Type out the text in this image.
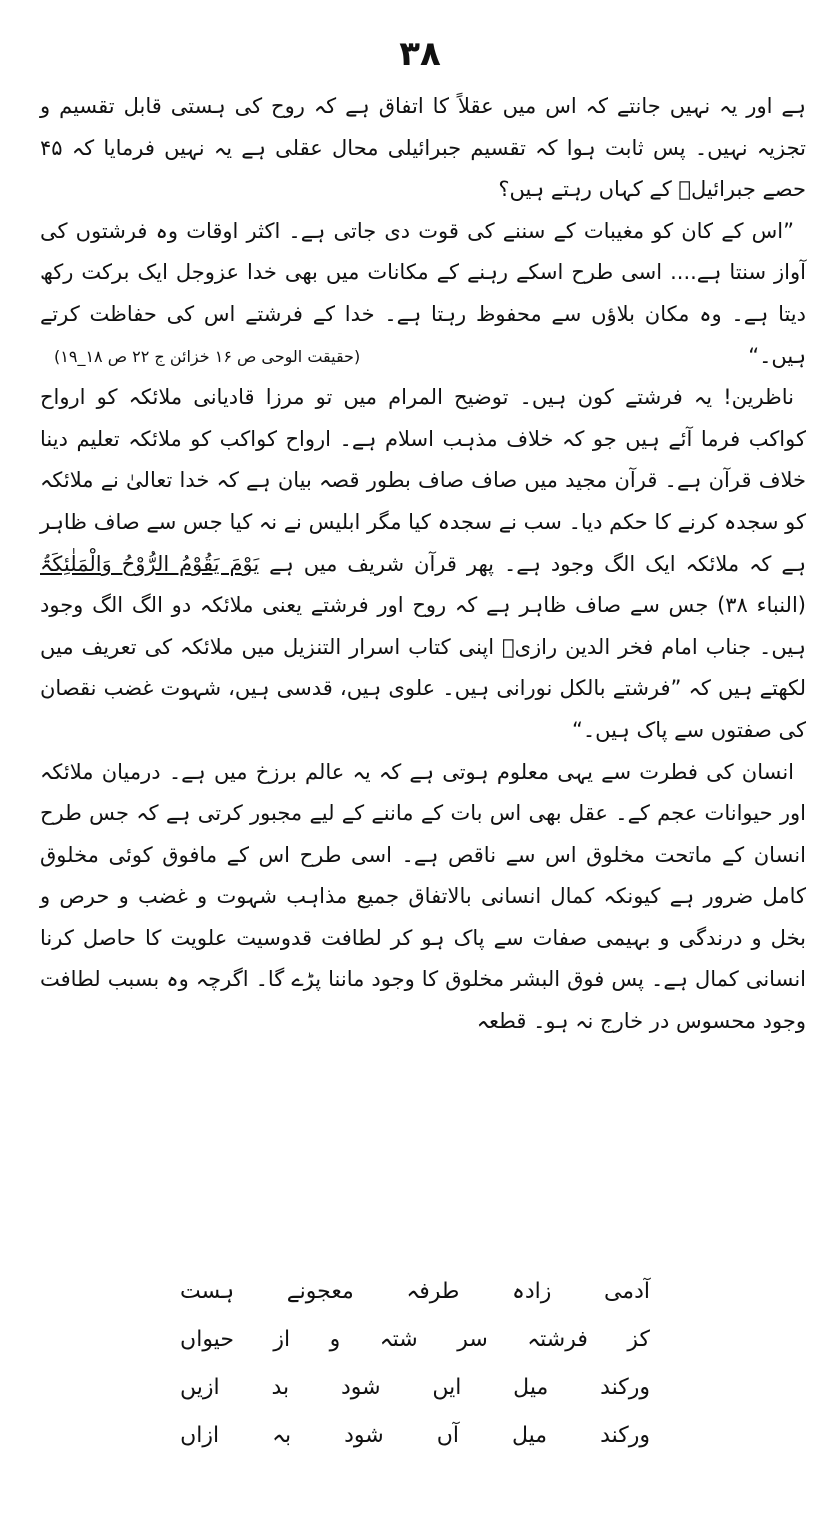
۳۸

ہے اور یہ نہیں جانتے کہ اس میں عقلاً کا اتفاق ہے کہ روح کی ہستی قابل تقسیم و تجزیہ نہیں۔ پس ثابت ہوا کہ تقسیم جبرائیلی محال عقلی ہے یہ نہیں فرمایا کہ ۴۵ حصے جبرائیلؑ کے کہاں رہتے ہیں؟

”اس کے کان کو مغیبات کے سننے کی قوت دی جاتی ہے۔ اکثر اوقات وہ فرشتوں کی آواز سنتا ہے.... اسی طرح اسکے رہنے کے مکانات میں بھی خدا عزوجل ایک برکت رکھ دیتا ہے۔ وہ مکان بلاؤں سے محفوظ رہتا ہے۔ خدا کے فرشتے اس کی حفاظت کرتے ہیں۔“

(حقیقت الوحی ص ۱۶ خزائن ج ۲۲ ص ۱۸_۱۹)

ناظرین! یہ فرشتے کون ہیں۔ توضیح المرام میں تو مرزا قادیانی ملائکہ کو ارواح کواکب فرما آئے ہیں جو کہ خلاف مذہب اسلام ہے۔ ارواح کواکب کو ملائکہ تعلیم دینا خلاف قرآن ہے۔ قرآن مجید میں صاف صاف بطور قصہ بیان ہے کہ خدا تعالیٰ نے ملائکہ کو سجدہ کرنے کا حکم دیا۔ سب نے سجدہ کیا مگر ابلیس نے نہ کیا جس سے صاف ظاہر ہے کہ ملائکہ ایک الگ وجود ہے۔ پھر قرآن شریف میں ہے یَوْمَ یَقُوْمُ الرُّوْحُ وَالْمَلٰئِکَۃُ (النباء ۳۸) جس سے صاف ظاہر ہے کہ روح اور فرشتے یعنی ملائکہ دو الگ الگ وجود ہیں۔ جناب امام فخر الدین رازیؒ اپنی کتاب اسرار التنزیل میں ملائکہ کی تعریف میں لکھتے ہیں کہ ”فرشتے بالکل نورانی ہیں۔ علوی ہیں، قدسی ہیں، شہوت غضب نقصان کی صفتوں سے پاک ہیں۔“

انسان کی فطرت سے یہی معلوم ہوتی ہے کہ یہ عالم برزخ میں ہے۔ درمیان ملائکہ اور حیوانات عجم کے۔ عقل بھی اس بات کے ماننے کے لیے مجبور کرتی ہے کہ جس طرح انسان کے ماتحت مخلوق اس سے ناقص ہے۔ اسی طرح اس کے مافوق کوئی مخلوق کامل ضرور ہے کیونکہ کمال انسانی بالاتفاق جمیع مذاہب شہوت و غضب و حرص و بخل و درندگی و بہیمی صفات سے پاک ہو کر لطافت قدوسیت علویت کا حاصل کرنا انسانی کمال ہے۔ پس فوق البشر مخلوق کا وجود ماننا پڑے گا۔ اگرچہ وہ بسبب لطافت وجود محسوس در خارج نہ ہو۔ قطعہ

آدمی
زادہ
طرفہ
معجونے
ہست
کز
فرشتہ
سر
شتہ
و
از
حیواں
ورکند
میل
ایں
شود
بد
ازیں
ورکند
میل
آں
شود
بہ
ازاں
